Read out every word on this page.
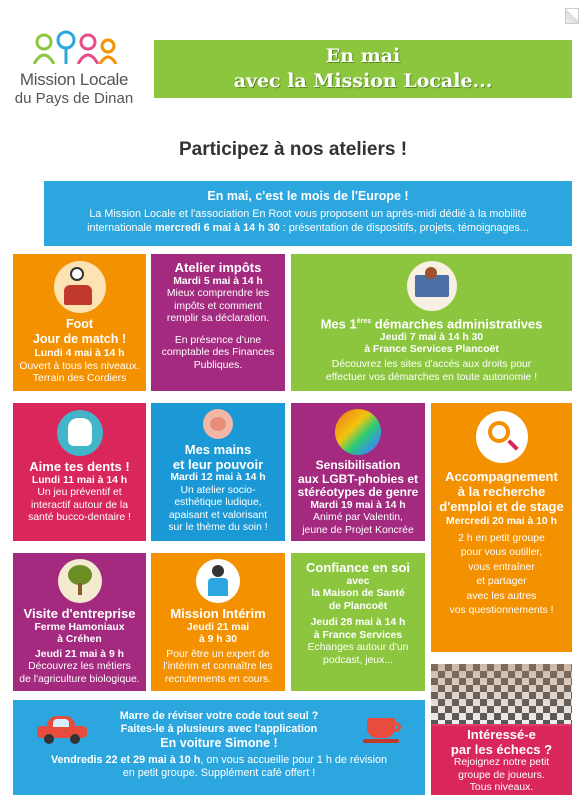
Mission Locale
du Pays de Dinan
En mai
avec la Mission Locale...
Participez à nos ateliers !
En mai, c'est le mois de l'Europe !
La Mission Locale et l'association En Root vous proposent un après-midi dédié à la mobilité
internationale mercredi 6 mai à 14 h 30 : présentation de dispositifs, projets, témoignages...
Foot
Jour de match !
Lundi 4 mai à 14 h
Ouvert à tous les niveaux.
Terrain des Cordiers
Atelier impôts
Mardi 5 mai à 14 h
Mieux comprendre les
impôts et comment
remplir sa déclaration.
En présence d'une
comptable des Finances
Publiques.
Mes 1ères démarches administratives
Jeudi 7 mai à 14 h 30
à France Services Plancoët
Découvrez les sites d'accès aux droits pour
effectuer vos démarches en toute autonomie !
Aime tes dents !
Lundi 11 mai à 14 h
Un jeu préventif et
interactif autour de la
santé bucco-dentaire !
Mes mains
et leur pouvoir
Mardi 12 mai à 14 h
Un atelier socio-
esthétique ludique,
apaisant et valorisant
sur le thème du soin !
Sensibilisation
aux LGBT-phobies et
stéréotypes de genre
Mardi 19 mai à 14 h
Animé par Valentin,
jeune de Projet Koncrée
Accompagnement
à la recherche
d'emploi et de stage
Mercredi 20 mai à 10 h
2 h en petit groupe
pour vous outiller,
vous entraîner
et partager
avec les autres
vos questionnements !
Visite d'entreprise
Ferme Hamoniaux
à Créhen
Jeudi 21 mai à 9 h
Découvrez les métiers
de l'agriculture biologique.
Mission Intérim
Jeudi 21 mai
à 9 h 30
Pour être un expert de
l'intérim et connaître les
recrutements en cours.
Confiance en soi
avec
la Maison de Santé
de Plancoët
Jeudi 28 mai à 14 h
à France Services
Echanges autour d'un
podcast, jeux...
Marre de réviser votre code tout seul ?
Faites-le à plusieurs avec l'application
En voiture Simone !
Vendredis 22 et 29 mai à 10 h, on vous accueille pour 1 h de révision
en petit groupe. Supplément café offert !
Intéressé-e
par les échecs ?
Rejoignez notre petit
groupe de joueurs.
Tous niveaux.
